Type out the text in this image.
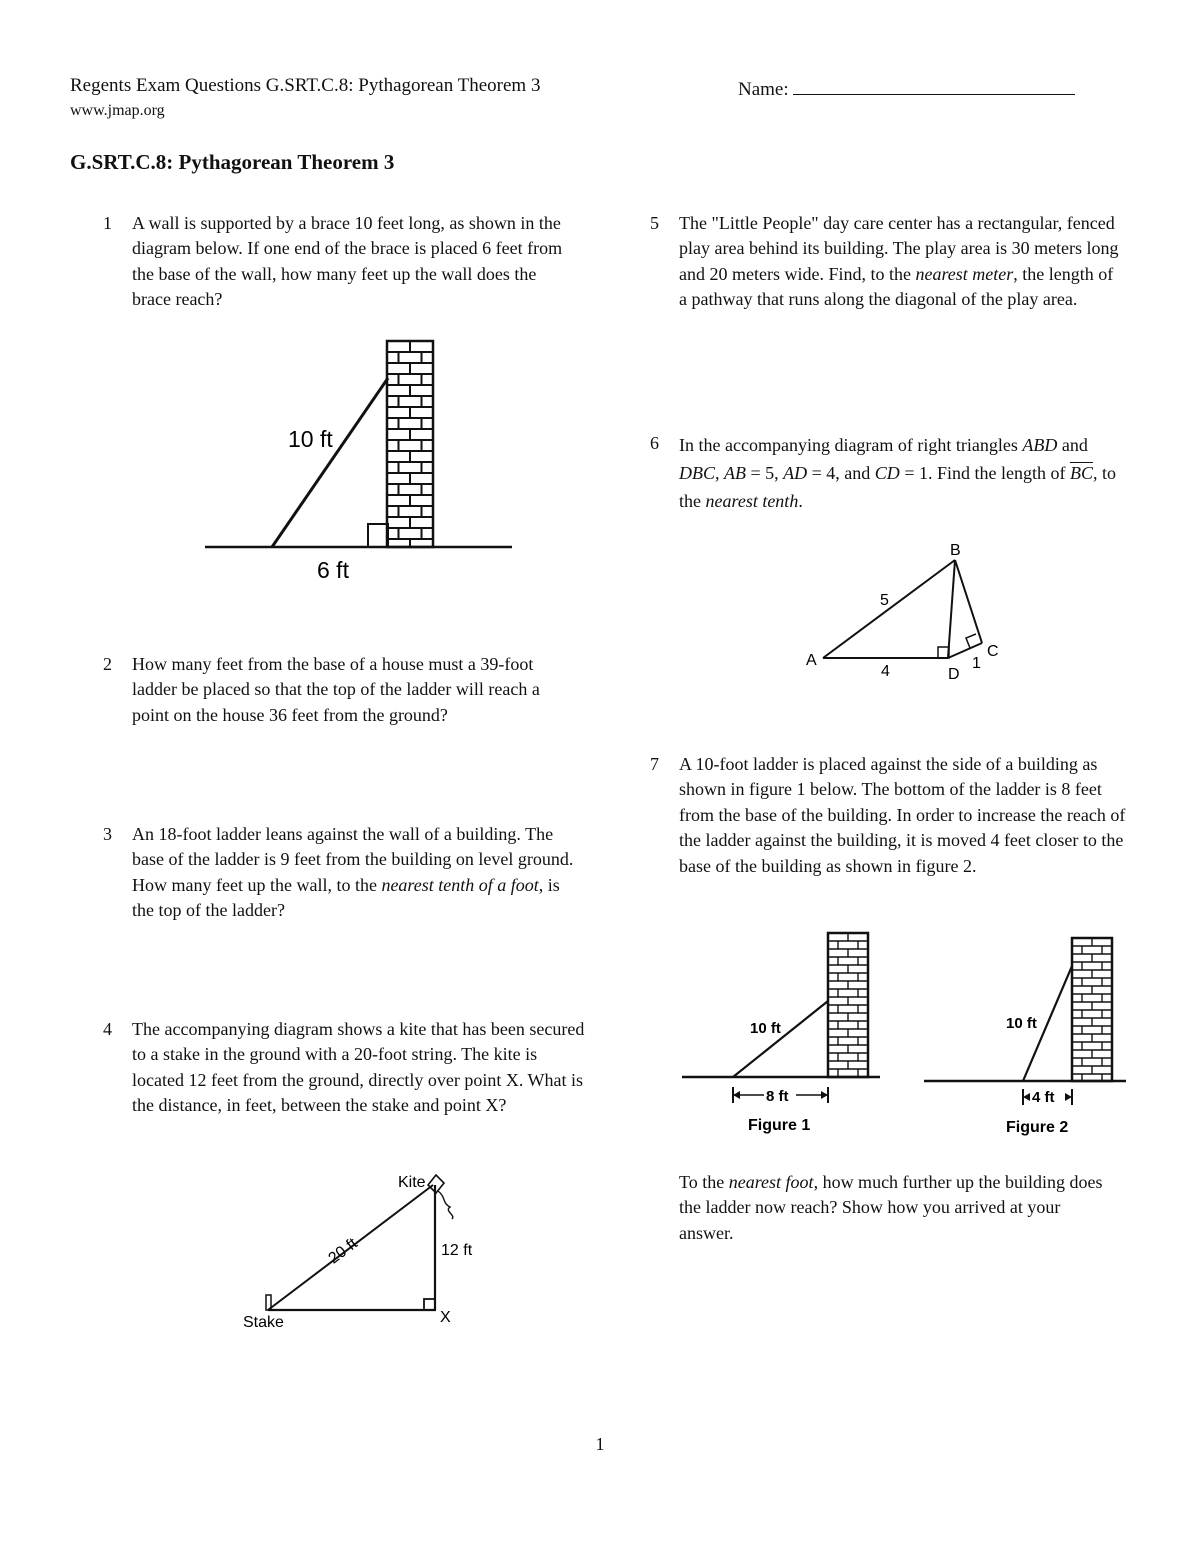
Regents Exam Questions G.SRT.C.8: Pythagorean Theorem 3
www.jmap.org
Name:
G.SRT.C.8: Pythagorean Theorem 3
1	A wall is supported by a brace 10 feet long, as shown in the diagram below. If one end of the brace is placed 6 feet from the base of the wall, how many feet up the wall does the brace reach?
10 ft
6 ft
2	How many feet from the base of a house must a 39-foot ladder be placed so that the top of the ladder will reach a point on the house 36 feet from the ground?
3	An 18-foot ladder leans against the wall of a building. The base of the ladder is 9 feet from the building on level ground. How many feet up the wall, to the nearest tenth of a foot, is the top of the ladder?
4	The accompanying diagram shows a kite that has been secured to a stake in the ground with a 20-foot string. The kite is located 12 feet from the ground, directly over point X. What is the distance, in feet, between the stake and point X?
Kite
20 ft	12 ft
Stake	X
5	The "Little People" day care center has a rectangular, fenced play area behind its building. The play area is 30 meters long and 20 meters wide. Find, to the nearest meter, the length of a pathway that runs along the diagonal of the play area.
6	In the accompanying diagram of right triangles ABD and DBC, AB = 5, AD = 4, and CD = 1. Find the length of $\overline{BC}$, to the nearest tenth.
A
B
C
D
5
4	1
7	A 10-foot ladder is placed against the side of a building as shown in figure 1 below. The bottom of the ladder is 8 feet from the base of the building. In order to increase the reach of the ladder against the building, it is moved 4 feet closer to the base of the building as shown in figure 2.
8 ft
10 ft
Figure 1
4 ft
10 ft
Figure 2
To the nearest foot, how much further up the building does the ladder now reach? Show how you arrived at your answer.
1
